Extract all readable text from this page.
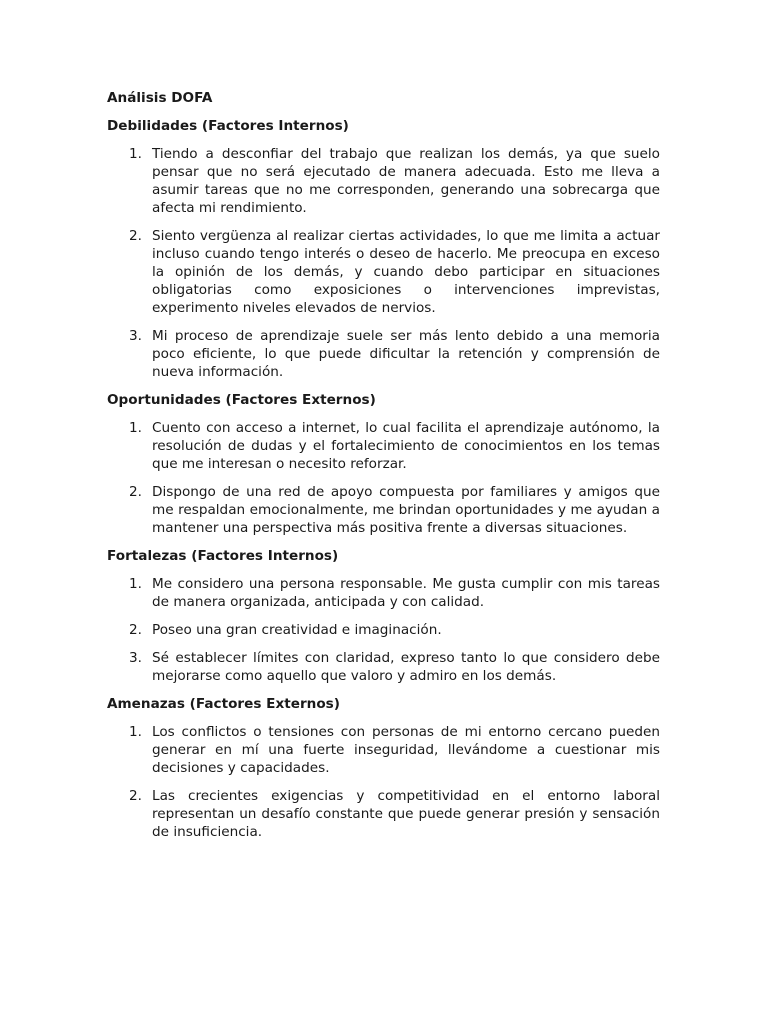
Análisis DOFA
Debilidades (Factores Internos)
1. Tiendo a desconfiar del trabajo que realizan los demás, ya que suelo pensar que no será ejecutado de manera adecuada. Esto me lleva a asumir tareas que no me corresponden, generando una sobrecarga que afecta mi rendimiento.
2. Siento vergüenza al realizar ciertas actividades, lo que me limita a actuar incluso cuando tengo interés o deseo de hacerlo. Me preocupa en exceso la opinión de los demás, y cuando debo participar en situaciones obligatorias como exposiciones o intervenciones imprevistas, experimento niveles elevados de nervios.
3. Mi proceso de aprendizaje suele ser más lento debido a una memoria poco eficiente, lo que puede dificultar la retención y comprensión de nueva información.
Oportunidades (Factores Externos)
1. Cuento con acceso a internet, lo cual facilita el aprendizaje autónomo, la resolución de dudas y el fortalecimiento de conocimientos en los temas que me interesan o necesito reforzar.
2. Dispongo de una red de apoyo compuesta por familiares y amigos que me respaldan emocionalmente, me brindan oportunidades y me ayudan a mantener una perspectiva más positiva frente a diversas situaciones.
Fortalezas (Factores Internos)
1. Me considero una persona responsable. Me gusta cumplir con mis tareas de manera organizada, anticipada y con calidad.
2. Poseo una gran creatividad e imaginación.
3. Sé establecer límites con claridad, expreso tanto lo que considero debe mejorarse como aquello que valoro y admiro en los demás.
Amenazas (Factores Externos)
1. Los conflictos o tensiones con personas de mi entorno cercano pueden generar en mí una fuerte inseguridad, llevándome a cuestionar mis decisiones y capacidades.
2. Las crecientes exigencias y competitividad en el entorno laboral representan un desafío constante que puede generar presión y sensación de insuficiencia.
